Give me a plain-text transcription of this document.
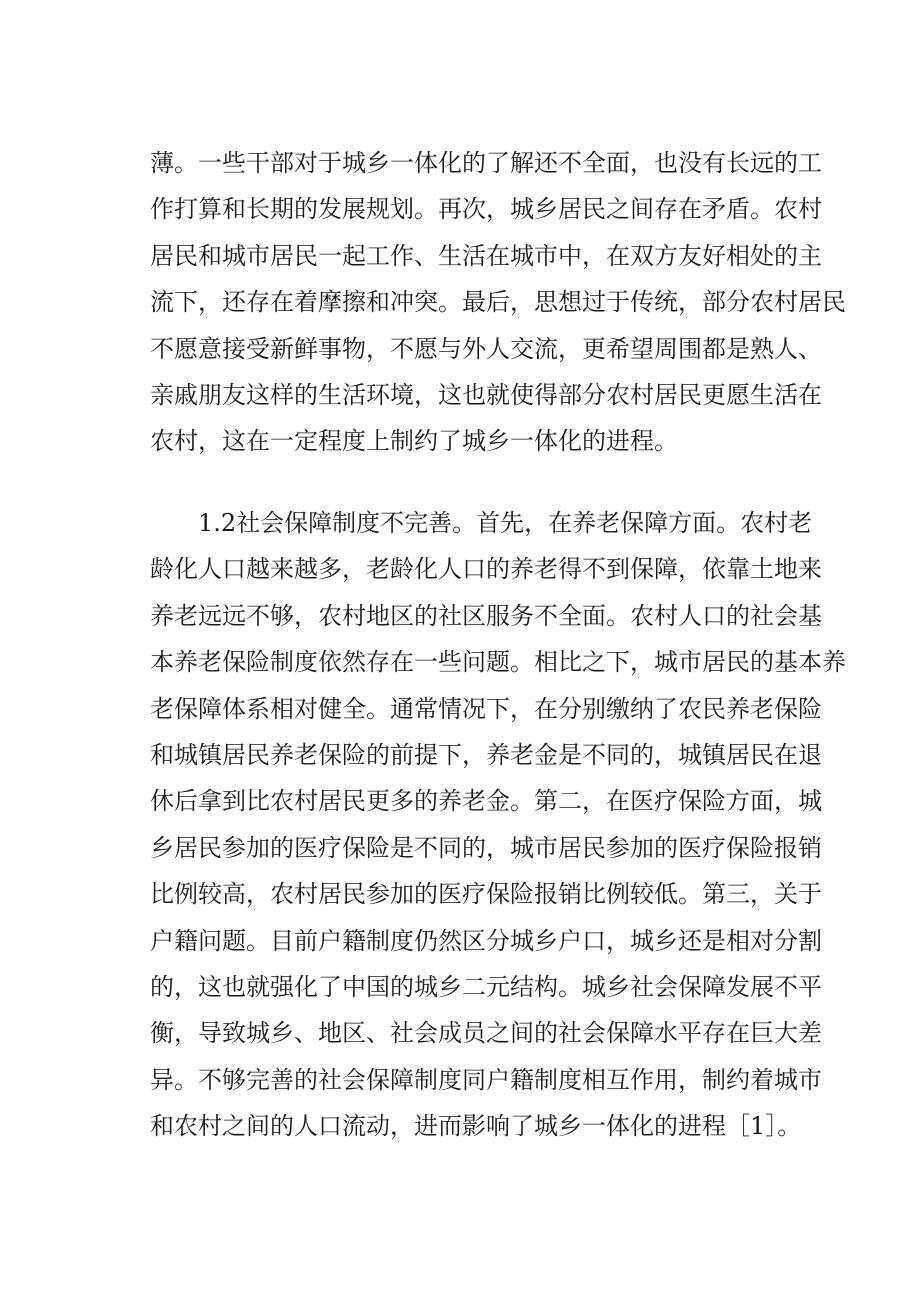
薄。一些干部对于城乡一体化的了解还不全面，也没有长远的工
作打算和长期的发展规划。再次，城乡居民之间存在矛盾。农村
居民和城市居民一起工作、生活在城市中，在双方友好相处的主
流下，还存在着摩擦和冲突。最后，思想过于传统，部分农村居民
不愿意接受新鲜事物，不愿与外人交流，更希望周围都是熟人、
亲戚朋友这样的生活环境，这也就使得部分农村居民更愿生活在
农村，这在一定程度上制约了城乡一体化的进程。
1.2社会保障制度不完善。首先，在养老保障方面。农村老
龄化人口越来越多，老龄化人口的养老得不到保障，依靠土地来
养老远远不够，农村地区的社区服务不全面。农村人口的社会基
本养老保险制度依然存在一些问题。相比之下，城市居民的基本养
老保障体系相对健全。通常情况下，在分别缴纳了农民养老保险
和城镇居民养老保险的前提下，养老金是不同的，城镇居民在退
休后拿到比农村居民更多的养老金。第二，在医疗保险方面，城
乡居民参加的医疗保险是不同的，城市居民参加的医疗保险报销
比例较高，农村居民参加的医疗保险报销比例较低。第三，关于
户籍问题。目前户籍制度仍然区分城乡户口，城乡还是相对分割
的，这也就强化了中国的城乡二元结构。城乡社会保障发展不平
衡，导致城乡、地区、社会成员之间的社会保障水平存在巨大差
异。不够完善的社会保障制度同户籍制度相互作用，制约着城市
和农村之间的人口流动，进而影响了城乡一体化的进程［1］。
